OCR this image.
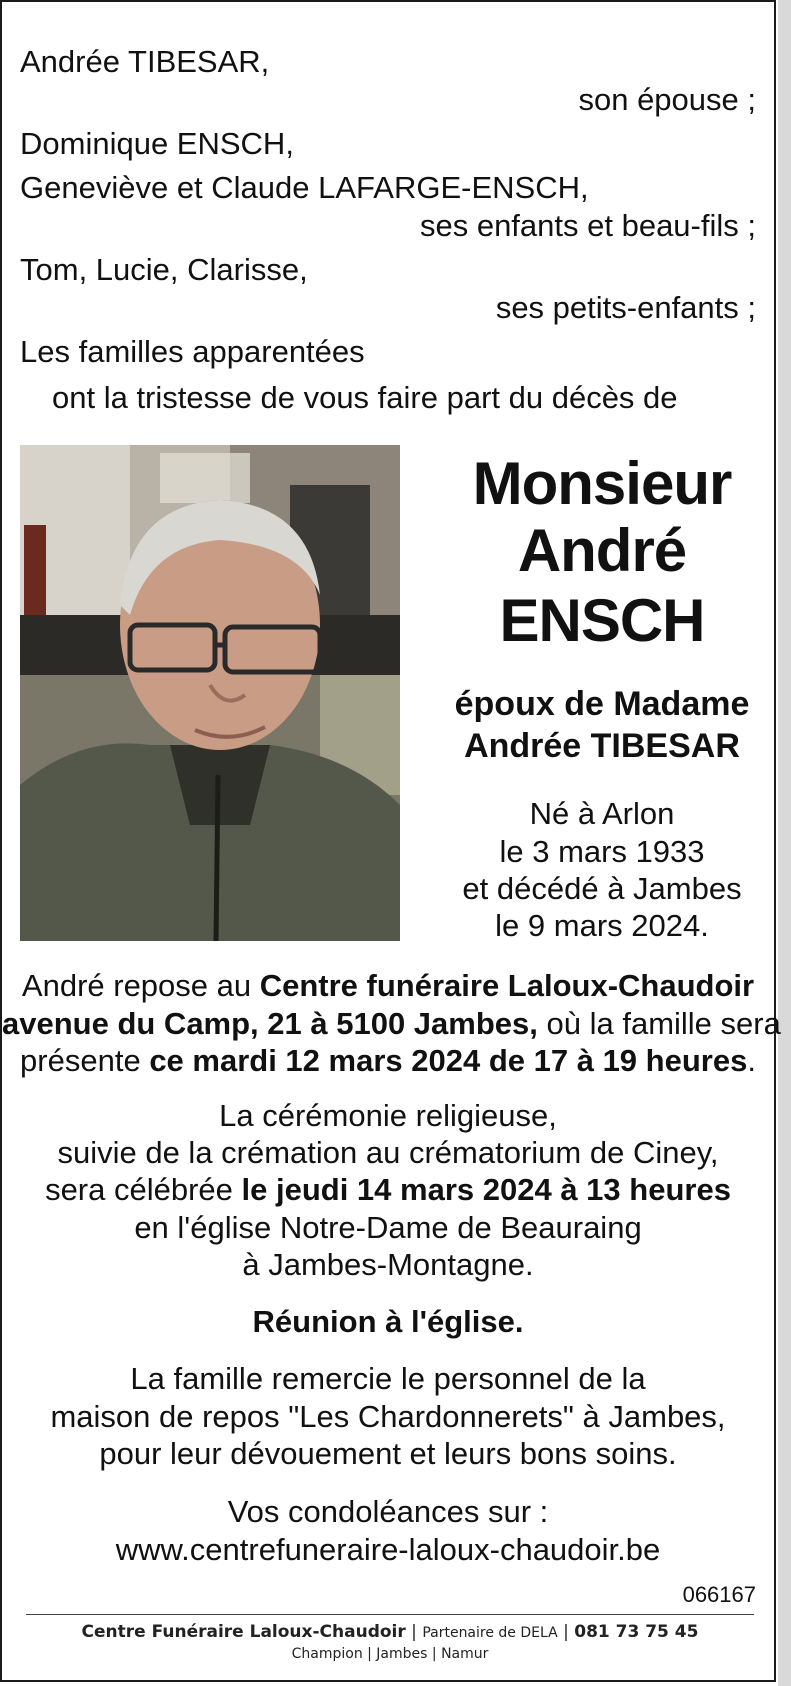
Andrée TIBESAR,
son épouse ;
Dominique ENSCH,
Geneviève et Claude LAFARGE-ENSCH,
ses enfants et beau-fils ;
Tom, Lucie, Clarisse,
ses petits-enfants ;
Les familles apparentées
ont la tristesse de vous faire part du décès de
Monsieur
André
ENSCH
époux de Madame
Andrée TIBESAR
Né à Arlon
le 3 mars 1933
et décédé à Jambes
le 9 mars 2024.
André repose au Centre funéraire Laloux-Chaudoir
avenue du Camp, 21 à 5100 Jambes, où la famille sera
présente ce mardi 12 mars 2024 de 17 à 19 heures.
La cérémonie religieuse,
suivie de la crémation au crématorium de Ciney,
sera célébrée le jeudi 14 mars 2024 à 13 heures
en l'église Notre-Dame de Beauraing
à Jambes-Montagne.
Réunion à l'église.
La famille remercie le personnel de la
maison de repos "Les Chardonnerets" à Jambes,
pour leur dévouement et leurs bons soins.
Vos condoléances sur :
www.centrefuneraire-laloux-chaudoir.be
066167
Centre Funéraire Laloux-Chaudoir | Partenaire de DELA | 081 73 75 45
Champion | Jambes | Namur
